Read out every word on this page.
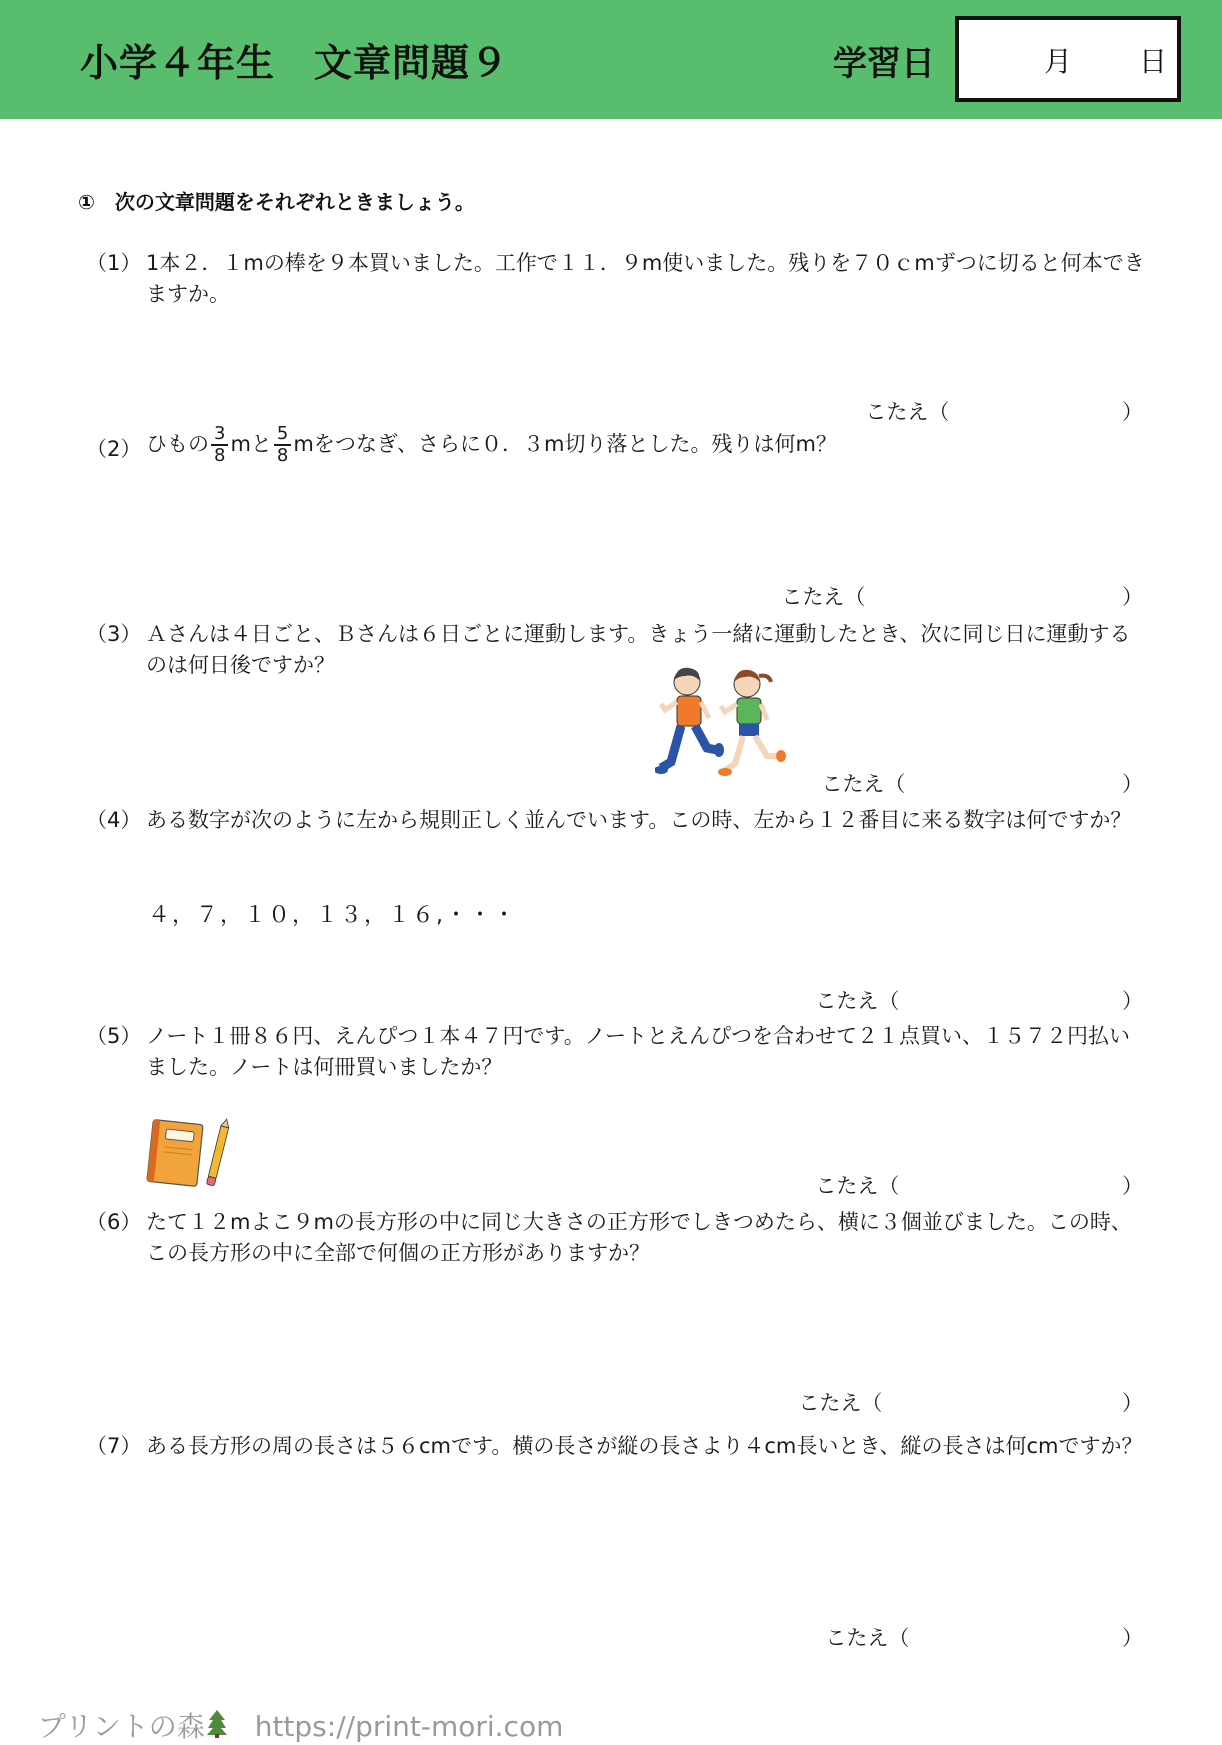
小学４年生　文章問題９	学習日	月 日
①　次の文章問題をそれぞれときましょう。
（1） 1本２．１mの棒を９本買いました。工作で１１．９m使いました。残りを７０ｃmずつに切ると何本できますか。

こたえ（	）

（2） ひもの $\frac{3}{8}$ mと $\frac{5}{8}$ mをつなぎ、さらに０．３m切り落とした。残りは何m？

こたえ（	）

（3） Ａさんは４日ごと、Ｂさんは６日ごとに運動します。きょう一緒に運動したとき、次に同じ日に運動するのは何日後ですか？

こたえ（	）

（4） ある数字が次のように左から規則正しく並んでいます。この時、左から１２番目に来る数字は何ですか？
４，７，１０，１３，１６,・・・

こたえ（	）

（5） ノート１冊８６円、えんぴつ１本４７円です。ノートとえんぴつを合わせて２１点買い、１５７２円払いました。ノートは何冊買いましたか？

こたえ（	）

（6） たて１２mよこ９mの長方形の中に同じ大きさの正方形でしきつめたら、横に３個並びました。この時、この長方形の中に全部で何個の正方形がありますか？

こたえ（	）

（7） ある長方形の周の長さは５６cmです。横の長さが縦の長さより４cm長いとき、縦の長さは何cmですか？

こたえ（	）

プリントの森 https://print-mori.com
